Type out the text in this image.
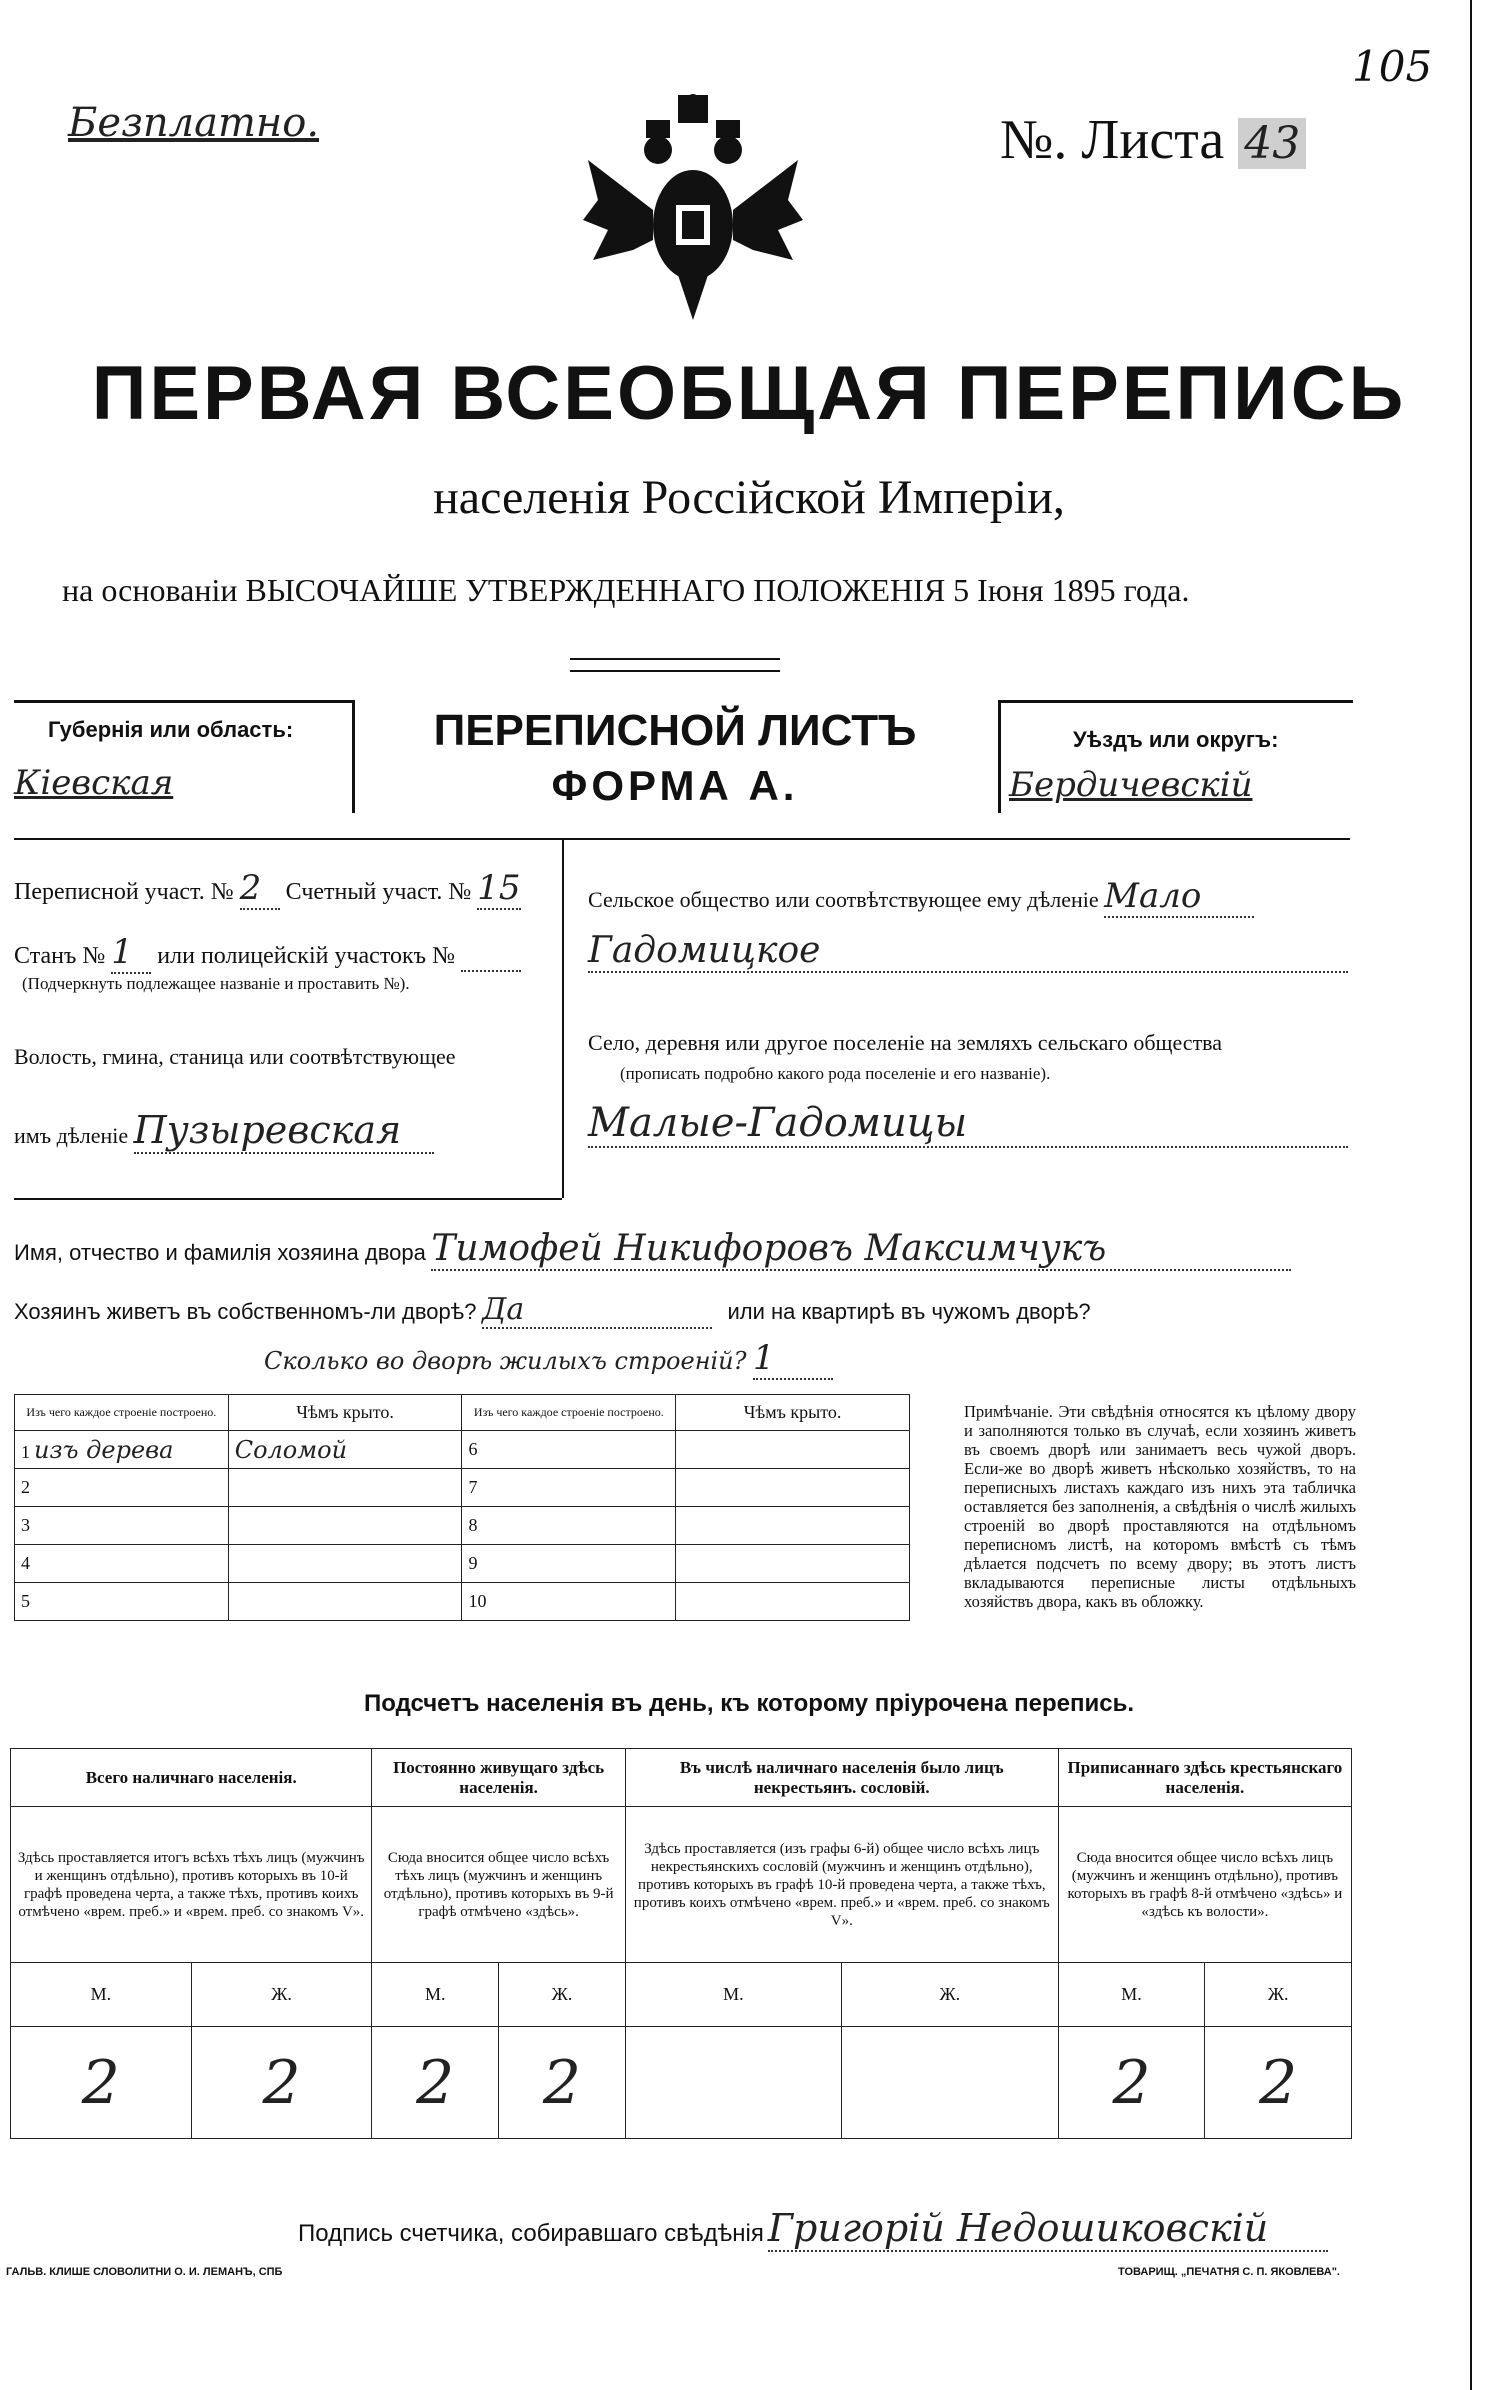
Безплатно.
105
№. Листа 43
ПЕРВАЯ ВСЕОБЩАЯ ПЕРЕПИСЬ
населенія Россійской Имперіи,
на основаніи ВЫСОЧАЙШЕ УТВЕРЖДЕННАГО ПОЛОЖЕНІЯ 5 Іюня 1895 года.
Губернія или область:
Кіевская
ПЕРЕПИСНОЙ ЛИСТЪ
ФОРМА А.
Уѣздъ или округъ:
Бердичевскій
Переписной участ. № 2 Счетный участ. № 15
Станъ № 1 или полицейскій участокъ №
(Подчеркнуть подлежащее названіе и проставить №).
Волость, гмина, станица или соотвѣтствующее
имъ дѣленіе Пузыревская
Сельское общество или соотвѣтствующее ему дѣленіе Мало
Гадомицкое
Село, деревня или другое поселеніе на земляхъ сельскаго общества
(прописать подробно какого рода поселеніе и его названіе).
Малые-Гадомицы
Имя, отчество и фамилія хозяина двора Тимофей Никифоровъ Максимчукъ
Хозяинъ живетъ въ собственномъ-ли дворѣ? Да	или на квартирѣ въ чужомъ дворѣ?
Сколько во дворѣ жилыхъ строеній? 1
Изъ чего каждое строеніе построено.	Чѣмъ крыто.	Изъ чего каждое строеніе построено.	Чѣмъ крыто.
1 изъ дерева	Соломой	6	
2		7	
3		8	
4		9	
5		10	
Примѣчаніе. Эти свѣдѣнія относятся къ цѣлому двору и заполняются только въ случаѣ, если хозяинъ живетъ въ своемъ дворѣ или занимаетъ весь чужой дворъ. Если-же во дворѣ живетъ нѣсколько хозяйствъ, то на переписныхъ листахъ каждаго изъ нихъ эта табличка оставляется без заполненія, а свѣдѣнія о числѣ жилыхъ строеній во дворѣ проставляются на отдѣльномъ переписномъ листѣ, на которомъ вмѣстѣ съ тѣмъ дѣлается подсчетъ по всему двору; въ этотъ листъ вкладываются переписные листы отдѣльныхъ хозяйствъ двора, какъ въ обложку.
Подсчетъ населенія въ день, къ которому пріурочена перепись.
Всего наличнаго населенія.		Постоянно живущаго здѣсь населенія.		Въ числѣ наличнаго населенія было лицъ некрестьянъ. сословій.		Приписаннаго здѣсь крестьянскаго населенія.	
Здѣсь проставляется итогъ всѣхъ тѣхъ лицъ (мужчинъ и женщинъ отдѣльно), противъ которыхъ въ 10-й графѣ проведена черта, а также тѣхъ, противъ коихъ отмѣчено «врем. преб.» и «врем. преб. со знакомъ V».		Сюда вносится общее число всѣхъ тѣхъ лицъ (мужчинъ и женщинъ отдѣльно), противъ которыхъ въ 9-й графѣ отмѣчено «здѣсь».		Здѣсь проставляется (изъ графы 6-й) общее число всѣхъ лицъ некрестьянскихъ сословій (мужчинъ и женщинъ отдѣльно), противъ которыхъ въ графѣ 10-й проведена черта, а также тѣхъ, противъ коихъ отмѣчено «врем. преб.» и «врем. преб. со знакомъ V».		Сюда вносится общее число всѣхъ лицъ (мужчинъ и женщинъ отдѣльно), противъ которыхъ въ графѣ 8-й отмѣчено «здѣсь» и «здѣсь къ волости».	
М.	Ж.	М.	Ж.	М.	Ж.	М.	Ж.
2	2	2	2			2	2
Подпись счетчика, собиравшаго свѣдѣнія Григорій Недошиковскій
ГАЛЬВ. КЛИШЕ СЛОВОЛИТНИ О. И. ЛЕМАНЪ, СПБ	ТОВАРИЩ. „ПЕЧАТНЯ С. П. ЯКОВЛЕВА".
